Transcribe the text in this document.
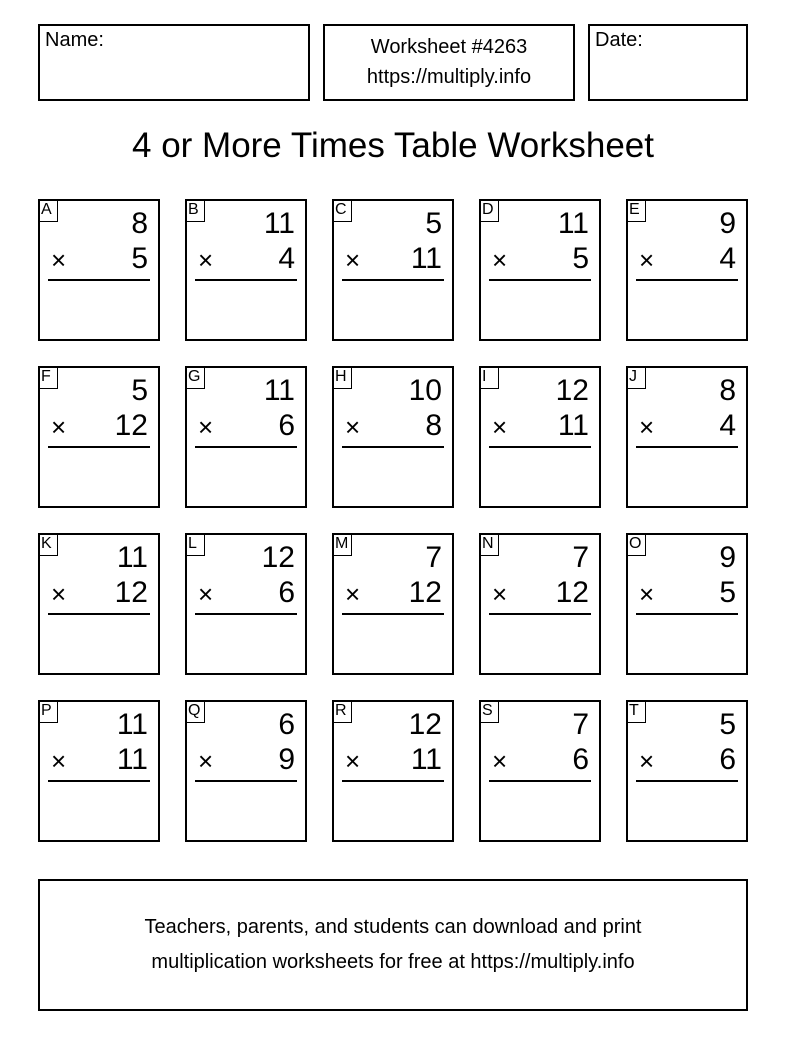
Name:	Worksheet #4263
https://multiply.info
Date:
4 or More Times Table Worksheet
A	8
× 5
B 11
× 4
C	5
× 11
D 11
× 5
E	9
× 4
F	5
× 12
G 11
× 6
H 10
× 8
I	12
× 11
J	8
× 4
K 11
× 12
L 12
× 6
M	7
× 12
N	7
× 12
O	9
× 5
P 11
× 11
Q	6
× 9
R 12
× 11
S	7
× 6
T	5
× 6
Teachers, parents, and students can download and print
multiplication worksheets for free at https://multiply.info
